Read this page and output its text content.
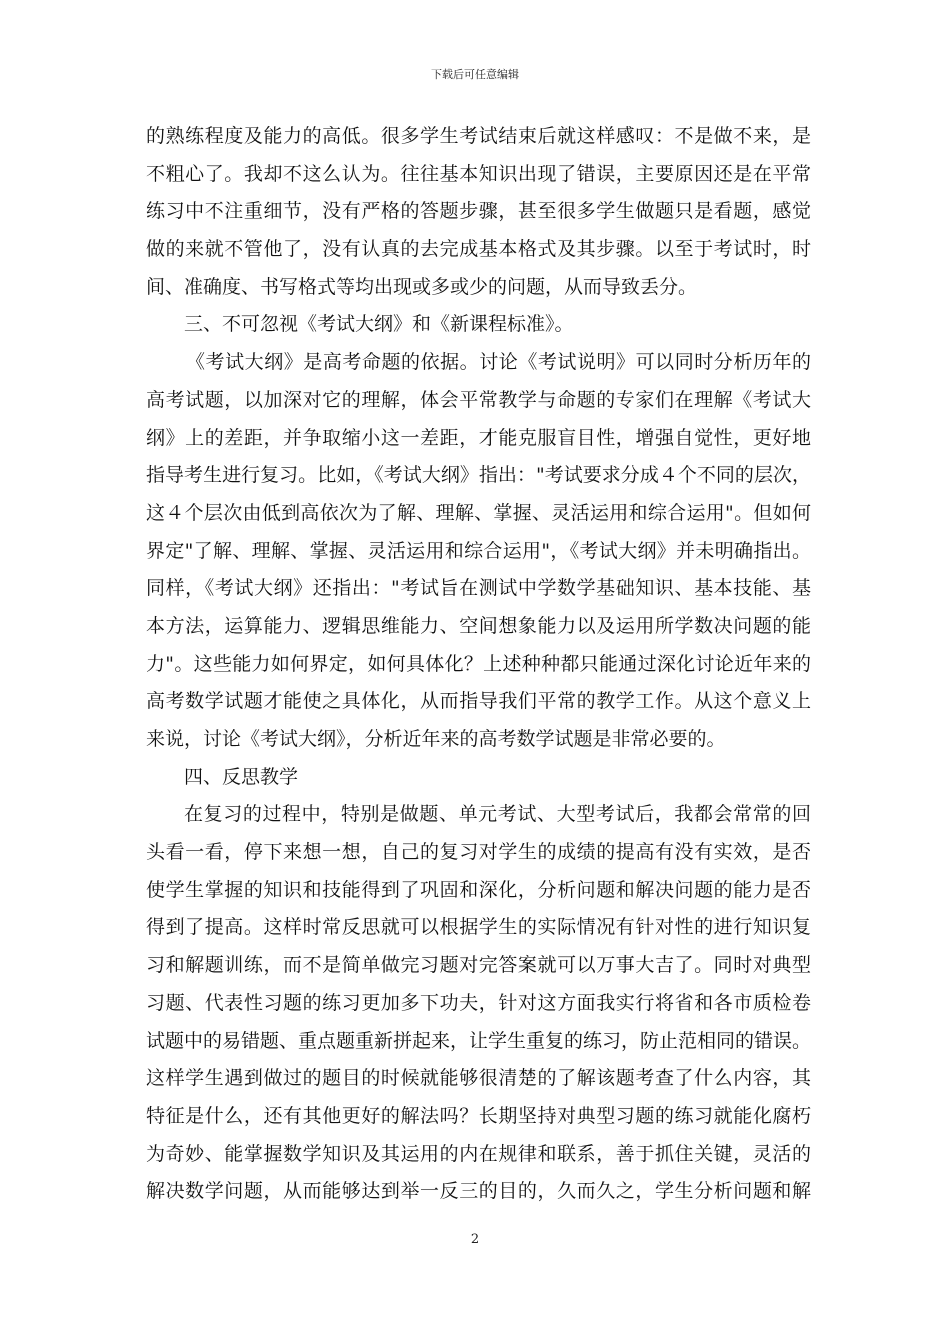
下载后可任意编辑
的熟练程度及能力的高低。很多学生考试结束后就这样感叹：不是做不来，是
不粗心了。我却不这么认为。往往基本知识出现了错误，主要原因还是在平常
练习中不注重细节，没有严格的答题步骤，甚至很多学生做题只是看题，感觉
做的来就不管他了，没有认真的去完成基本格式及其步骤。以至于考试时，时
间、准确度、书写格式等均出现或多或少的问题，从而导致丢分。
三、不可忽视《考试大纲》和《新课程标准》。
《考试大纲》是高考命题的依据。讨论《考试说明》可以同时分析历年的
高考试题，以加深对它的理解，体会平常教学与命题的专家们在理解《考试大
纲》上的差距，并争取缩小这一差距，才能克服盲目性，增强自觉性，更好地
指导考生进行复习。比如，《考试大纲》指出："考试要求分成４个不同的层次，
这４个层次由低到高依次为了解、理解、掌握、灵活运用和综合运用"。但如何
界定"了解、理解、掌握、灵活运用和综合运用"，《考试大纲》并未明确指出。
同样，《考试大纲》还指出："考试旨在测试中学数学基础知识、基本技能、基
本方法，运算能力、逻辑思维能力、空间想象能力以及运用所学数决问题的能
力"。这些能力如何界定，如何具体化？上述种种都只能通过深化讨论近年来的
高考数学试题才能使之具体化，从而指导我们平常的教学工作。从这个意义上
来说，讨论《考试大纲》，分析近年来的高考数学试题是非常必要的。
四、反思教学
在复习的过程中，特别是做题、单元考试、大型考试后，我都会常常的回
头看一看，停下来想一想，自己的复习对学生的成绩的提高有没有实效，是否
使学生掌握的知识和技能得到了巩固和深化，分析问题和解决问题的能力是否
得到了提高。这样时常反思就可以根据学生的实际情况有针对性的进行知识复
习和解题训练，而不是简单做完习题对完答案就可以万事大吉了。同时对典型
习题、代表性习题的练习更加多下功夫，针对这方面我实行将省和各市质检卷
试题中的易错题、重点题重新拼起来，让学生重复的练习，防止范相同的错误。
这样学生遇到做过的题目的时候就能够很清楚的了解该题考查了什么内容，其
特征是什么，还有其他更好的解法吗？长期坚持对典型习题的练习就能化腐朽
为奇妙、能掌握数学知识及其运用的内在规律和联系，善于抓住关键，灵活的
解决数学问题，从而能够达到举一反三的目的，久而久之，学生分析问题和解
2
